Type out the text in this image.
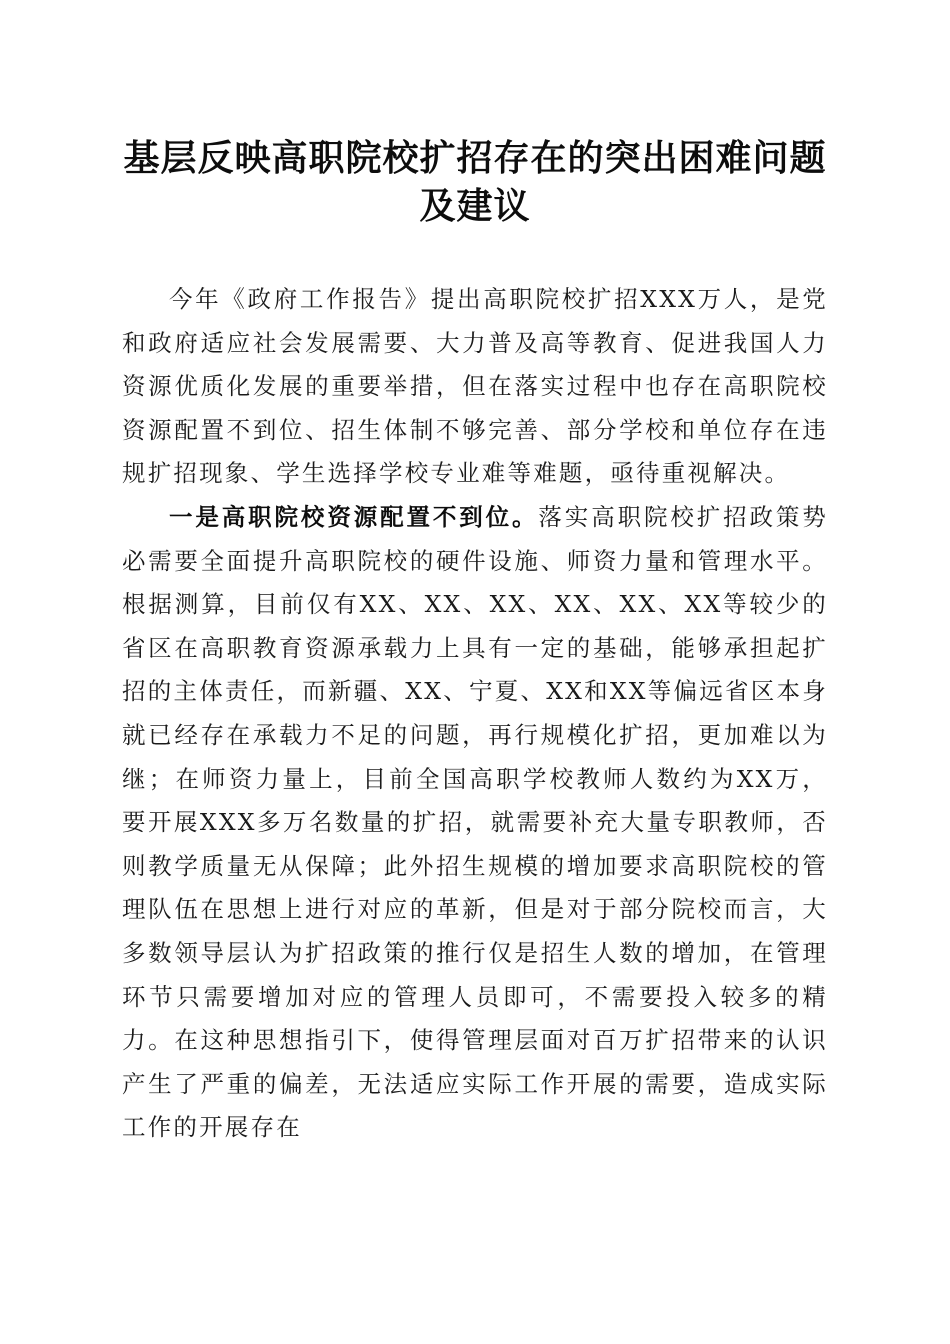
基层反映高职院校扩招存在的突出困难问题及建议

今年《政府工作报告》提出高职院校扩招XXX万人，是党和政府适应社会发展需要、大力普及高等教育、促进我国人力资源优质化发展的重要举措，但在落实过程中也存在高职院校资源配置不到位、招生体制不够完善、部分学校和单位存在违规扩招现象、学生选择学校专业难等难题，亟待重视解决。

一是高职院校资源配置不到位。落实高职院校扩招政策势必需要全面提升高职院校的硬件设施、师资力量和管理水平。根据测算，目前仅有XX、XX、XX、XX、XX、XX等较少的省区在高职教育资源承载力上具有一定的基础，能够承担起扩招的主体责任，而新疆、XX、宁夏、XX和XX等偏远省区本身就已经存在承载力不足的问题，再行规模化扩招，更加难以为继；在师资力量上，目前全国高职学校教师人数约为XX万，要开展XXX多万名数量的扩招，就需要补充大量专职教师，否则教学质量无从保障；此外招生规模的增加要求高职院校的管理队伍在思想上进行对应的革新，但是对于部分院校而言，大多数领导层认为扩招政策的推行仅是招生人数的增加，在管理环节只需要增加对应的管理人员即可，不需要投入较多的精力。在这种思想指引下，使得管理层面对百万扩招带来的认识产生了严重的偏差，无法适应实际工作开展的需要，造成实际工作的开展存在
